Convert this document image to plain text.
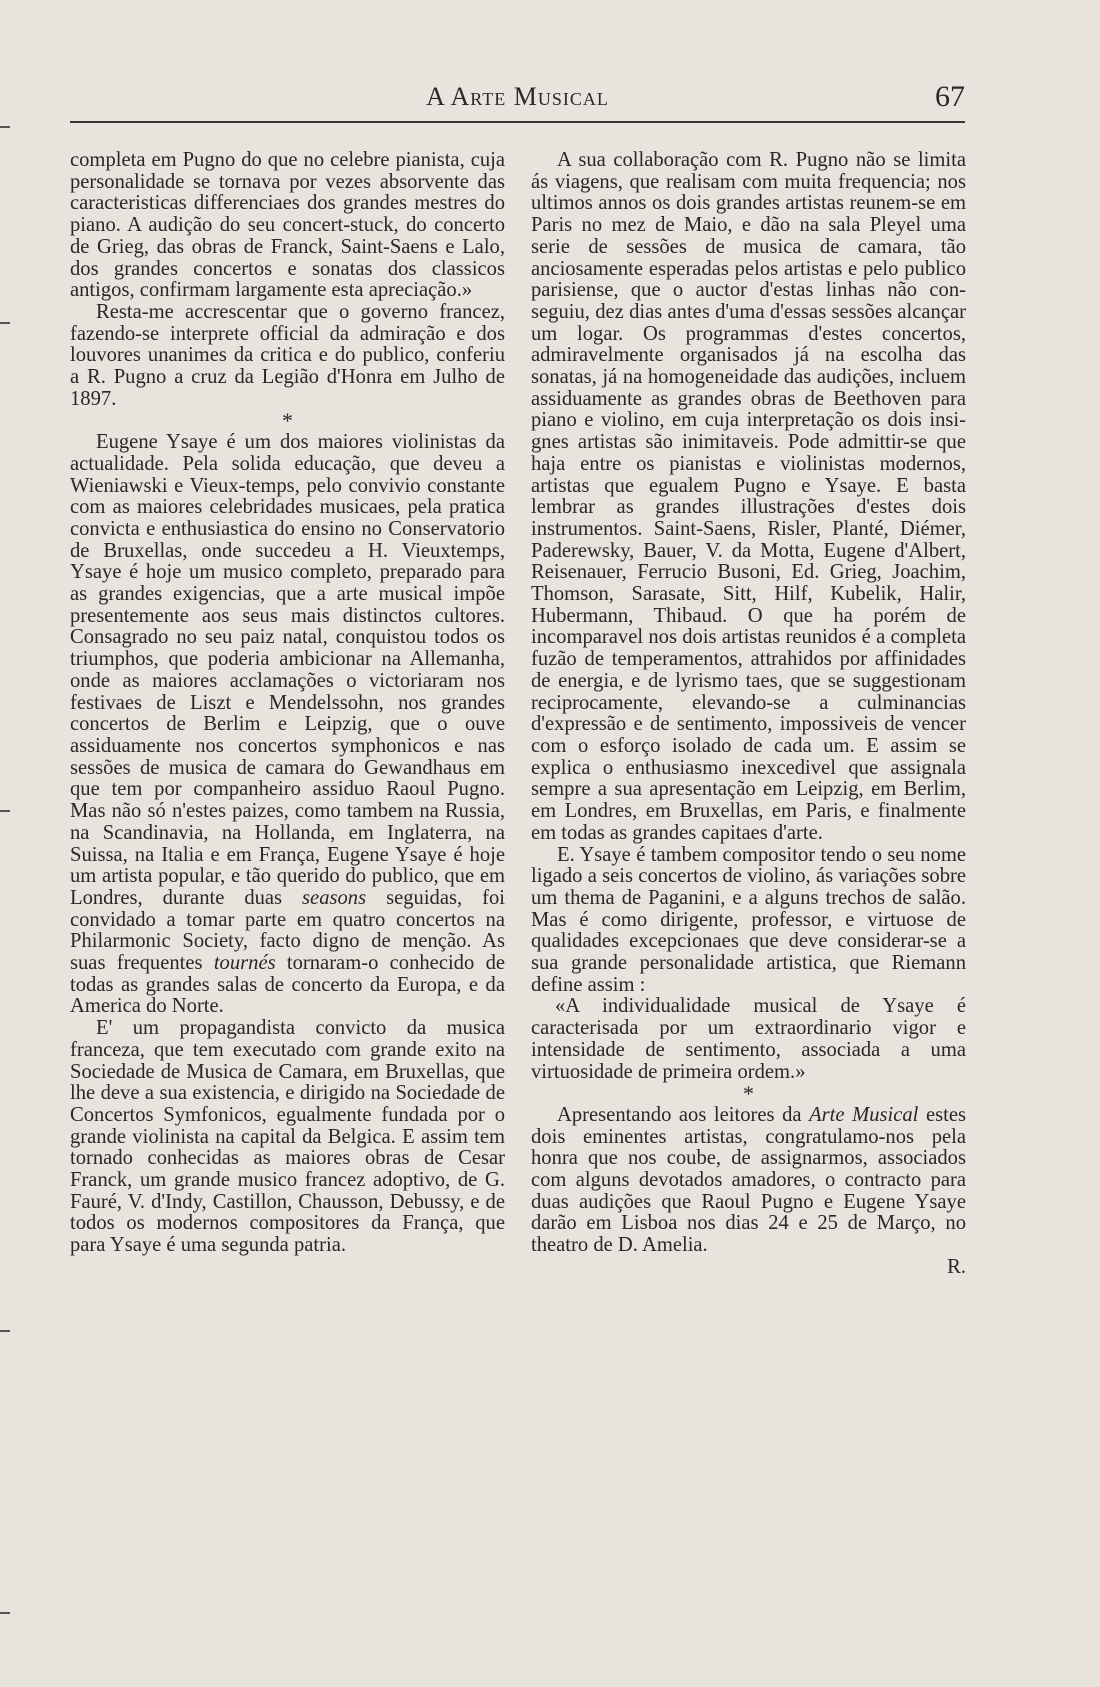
A Arte Musical	67

completa em Pugno do que no celebre pianista, cuja personalidade se tornava por vezes absorvente das caracteristicas differenciaes dos grandes mestres do piano. A audição do seu concert-stuck, do concerto de Grieg, das obras de Franck, Saint-Saens e Lalo, dos grandes concertos e sonatas dos classicos antigos, confirmam largamente esta apreciação.»

Resta-me accrescentar que o governo francez, fazendo-se interprete official da admiração e dos louvores unanimes da critica e do publico, conferiu a R. Pugno a cruz da Legião d'Honra em Julho de 1897.

*

Eugene Ysaye é um dos maiores violinistas da actualidade. Pela solida educação, que deveu a Wieniawski e Vieux-temps, pelo convivio constante com as maiores celebridades musicaes, pela pratica convicta e enthusiastica do ensino no Conservatorio de Bruxellas, onde succedeu a H. Vieuxtemps, Ysaye é hoje um musico completo, preparado para as grandes exigencias, que a arte musical impõe presentemente aos seus mais distinctos cultores. Consagrado no seu paiz natal, conquistou todos os triumphos, que poderia ambicionar na Allemanha, onde as maiores acclamações o victoriaram nos festivaes de Liszt e Mendelssohn, nos grandes concertos de Berlim e Leipzig, que o ouve assiduamente nos concertos symphonicos e nas sessões de musica de camara do Gewandhaus em que tem por companheiro assiduo Raoul Pugno. Mas não só n'estes paizes, como tambem na Russia, na Scandinavia, na Hollanda, em Inglaterra, na Suissa, na Italia e em França, Eugene Ysaye é hoje um artista popular, e tão querido do publico, que em Londres, durante duas seasons seguidas, foi convidado a tomar parte em quatro concertos na Philarmonic Society, facto digno de menção. As suas frequentes tournés tornaram-o conhecido de todas as grandes salas de concerto da Europa, e da America do Norte.

E' um propagandista convicto da musica franceza, que tem executado com grande exito na Sociedade de Musica de Camara, em Bruxellas, que lhe deve a sua existencia, e dirigido na Sociedade de Concertos Symfonicos, egualmente fundada por o grande violinista na capital da Belgica. E assim tem tornado conhecidas as maiores obras de Cesar Franck, um grande musico francez adoptivo, de G. Fauré, V. d'Indy, Castillon, Chausson, Debussy, e de todos os modernos compositores da França, que para Ysaye é uma segunda patria.

A sua collaboração com R. Pugno não se limita ás viagens, que realisam com muita frequencia; nos ultimos annos os dois grandes artistas reunem-se em Paris no mez de Maio, e dão na sala Pleyel uma serie de sessões de musica de camara, tão anciosamente esperadas pelos artistas e pelo publico parisiense, que o auctor d'estas linhas não conseguiu, dez dias antes d'uma d'essas sessões alcançar um logar. Os programmas d'estes concertos, admiravelmente organisados já na escolha das sonatas, já na homogeneidade das audições, incluem assiduamente as grandes obras de Beethoven para piano e violino, em cuja interpretação os dois insignes artistas são inimitaveis. Pode admittir-se que haja entre os pianistas e violinistas modernos, artistas que egualem Pugno e Ysaye. E basta lembrar as grandes illustrações d'estes dois instrumentos. Saint-Saens, Risler, Planté, Diémer, Paderewsky, Bauer, V. da Motta, Eugene d'Albert, Reisenauer, Ferrucio Busoni, Ed. Grieg, Joachim, Thomson, Sarasate, Sitt, Hilf, Kubelik, Halir, Hubermann, Thibaud. O que ha porém de incomparavel nos dois artistas reunidos é a completa fuzão de temperamentos, attrahidos por affinidades de energia, e de lyrismo taes, que se suggestionam reciprocamente, elevando-se a culminancias d'expressão e de sentimento, impossiveis de vencer com o esforço isolado de cada um. E assim se explica o enthusiasmo inexcedivel que assignala sempre a sua apresentação em Leipzig, em Berlim, em Londres, em Bruxellas, em Paris, e finalmente em todas as grandes capitaes d'arte.

E. Ysaye é tambem compositor tendo o seu nome ligado a seis concertos de violino, ás variações sobre um thema de Paganini, e a alguns trechos de salão. Mas é como dirigente, professor, e virtuose de qualidades excepcionaes que deve considerar-se a sua grande personalidade artistica, que Riemann define assim :

«A individualidade musical de Ysaye é caracterisada por um extraordinario vigor e intensidade de sentimento, associada a uma virtuosidade de primeira ordem.»

*

Apresentando aos leitores da Arte Musical estes dois eminentes artistas, congratulamo-nos pela honra que nos coube, de assignarmos, associados com alguns devotados amadores, o contracto para duas audições que Raoul Pugno e Eugene Ysaye darão em Lisboa nos dias 24 e 25 de Março, no theatro de D. Amelia.

R.
